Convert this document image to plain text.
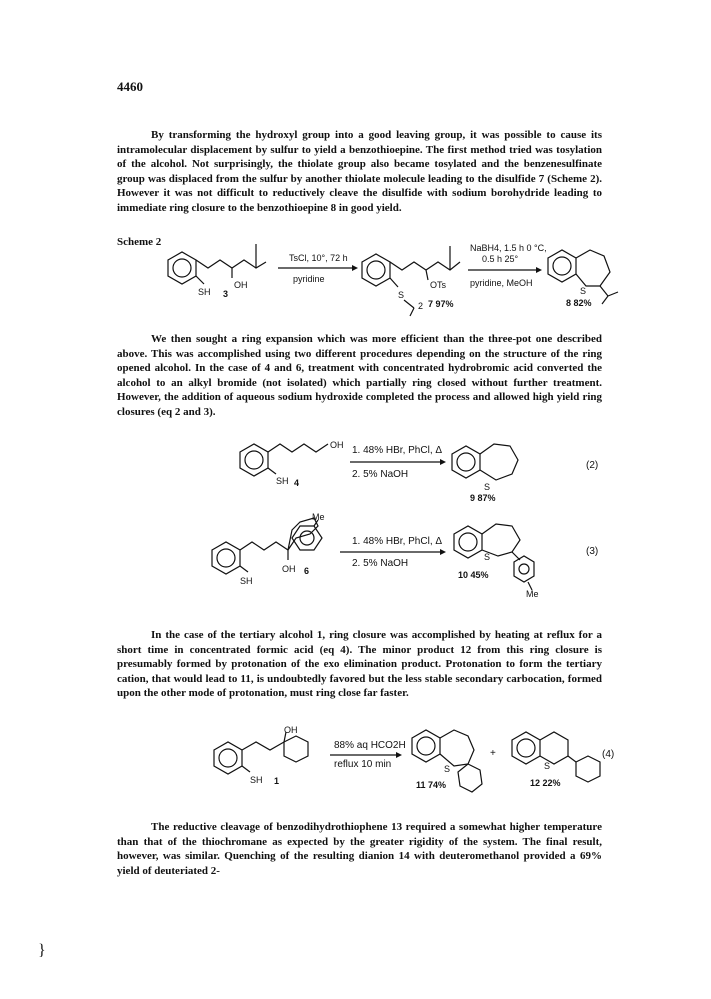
4460
By transforming the hydroxyl group into a good leaving group, it was possible to cause its intramolecular displacement by sulfur to yield a benzothioepine. The first method tried was tosylation of the alcohol. Not surprisingly, the thiolate group also became tosylated and the benzenesulfinate group was displaced from the sulfur by another thiolate molecule leading to the disulfide 7 (Scheme 2). However it was not difficult to reductively cleave the disulfide with sodium borohydride leading to immediate ring closure to the benzothioepine 8 in good yield.
Scheme 2
SH
OH
3
TsCl, 10°, 72 h
pyridine
S
2
OTs
7 97%
NaBH4, 1.5 h 0 °C,
0.5 h 25°
pyridine, MeOH
S
8 82%
We then sought a ring expansion which was more efficient than the three-pot one described above. This was accomplished using two different procedures depending on the structure of the ring opened alcohol. In the case of 4 and 6, treatment with concentrated hydrobromic acid converted the alcohol to an alkyl bromide (not isolated) which partially ring closed without further treatment. However, the addition of aqueous sodium hydroxide completed the process and allowed high yield ring closures (eq 2 and 3).
OH
SH 4
1. 48% HBr, PhCl, Δ
2. 5% NaOH
S
9 87%
(2)
Me
OH
SH
6
1. 48% HBr, PhCl, Δ
2. 5% NaOH
S
Me
10 45%
(3)
In the case of the tertiary alcohol 1, ring closure was accomplished by heating at reflux for a short time in concentrated formic acid (eq 4). The minor product 12 from this ring closure is presumably formed by protonation of the exo elimination product. Protonation to form the tertiary cation, that would lead to 11, is undoubtedly favored but the less stable secondary carbocation, formed upon the other mode of protonation, must ring close far faster.
OH
SH 1
88% aq HCO2H
reflux 10 min	S
11 74%
+
S
12 22%
(4)
The reductive cleavage of benzodihydrothiophene 13 required a somewhat higher temperature than that of the thiochromane as expected by the greater rigidity of the system. The final result, however, was similar. Quenching of the resulting dianion 14 with deuteromethanol provided a 69% yield of deuteriated 2-
}
